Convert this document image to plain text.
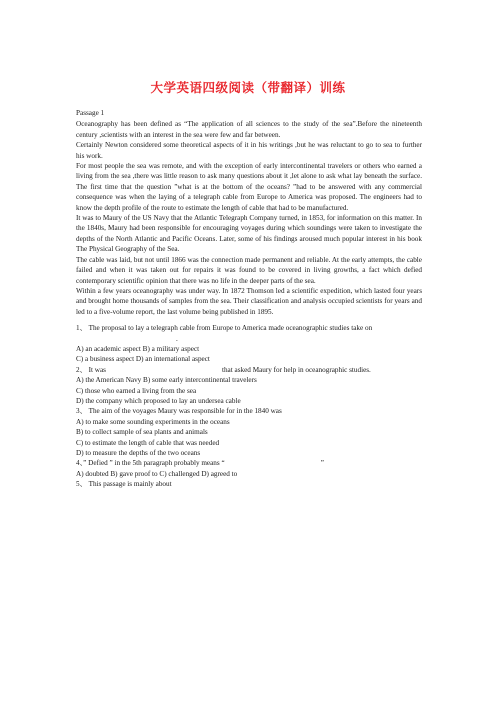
大学英语四级阅读（带翻译）训练

Passage 1

Oceanography has been defined as “The application of all sciences to the study of the sea”.Before the nineteenth century ,scientists with an interest in the sea were few and far between.

Certainly Newton considered some theoretical aspects of it in his writings ,but he was reluctant to go to sea to further his work.

For most people the sea was remote, and with the exception of early intercontinental travelers or others who earned a living from the sea ,there was little reason to ask many questions about it ,let alone to ask what lay beneath the surface. The first time that the question ”what is at the bottom of the oceans? ”had to be answered with any commercial consequence was when the laying of a telegraph cable from Europe to America was proposed. The engineers had to know the depth profile of the route to estimate the length of cable that had to be manufactured.

It was to Maury of the US Navy that the Atlantic Telegraph Company turned, in 1853, for information on this matter. In the 1840s, Maury had been responsible for encouraging voyages during which soundings were taken to investigate the depths of the North Atlantic and Pacific Oceans. Later, some of his findings aroused much popular interest in his book The Physical Geography of the Sea.

The cable was laid, but not until 1866 was the connection made permanent and reliable. At the early attempts, the cable failed and when it was taken out for repairs it was found to be covered in living growths, a fact which defied contemporary scientific opinion that there was no life in the deeper parts of the sea.

Within a few years oceanography was under way. In 1872 Thomson led a scientific expedition, which lasted four years and brought home thousands of samples from the sea. Their classification and analysis occupied scientists for years and led to a five-volume report, the last volume being published in 1895.

1、 The proposal to lay a telegraph cable from Europe to America made oceanographic studies take on.

A) an academic aspect B) a military aspect

C) a business aspect D) an international aspect

2、 It was	that asked Maury for help in oceanographic studies.

A) the American Navy B) some early intercontinental travelers

C) those who earned a living from the sea

D) the company which proposed to lay an undersea cable

3、 The aim of the voyages Maury was responsible for in the 1840 was

A) to make some sounding experiments in the oceans

B) to collect sample of sea plants and animals

C) to estimate the length of cable that was needed

D) to measure the depths of the two oceans

4、” Defied ” in the 5th paragraph probably means “	”

A) doubted B) gave proof to C) challenged D) agreed to

5、 This passage is mainly about
